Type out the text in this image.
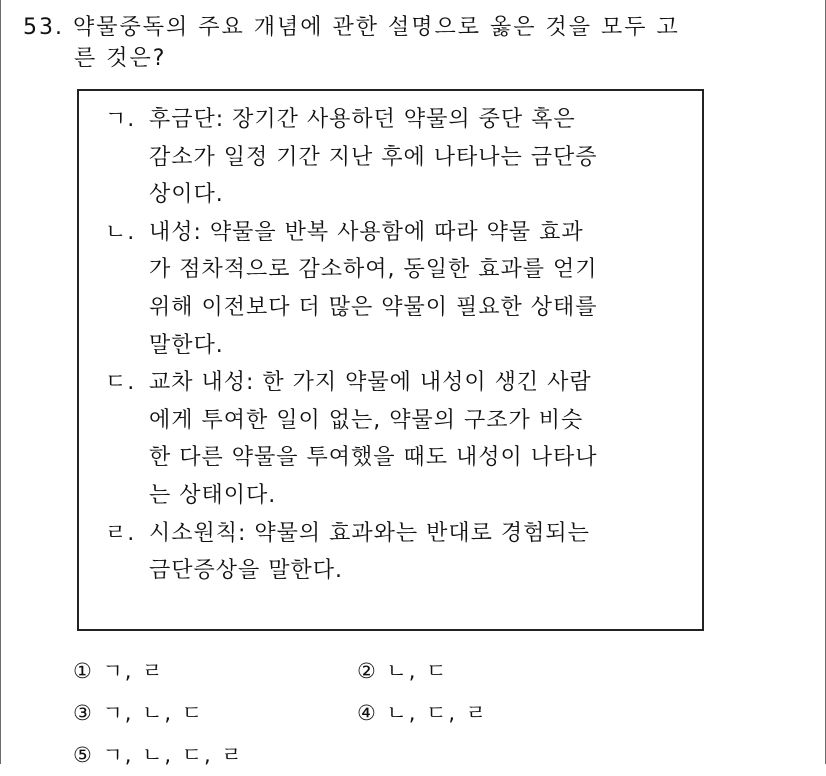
53. 약물중독의 주요 개념에 관한 설명으로 옳은 것을 모두 고
른 것은?
ㄱ. 후금단: 장기간 사용하던 약물의 중단 혹은
감소가 일정 기간 지난 후에 나타나는 금단증
상이다.
ㄴ. 내성: 약물을 반복 사용함에 따라 약물 효과
가 점차적으로 감소하여, 동일한 효과를 얻기
위해 이전보다 더 많은 약물이 필요한 상태를
말한다.
ㄷ. 교차 내성: 한 가지 약물에 내성이 생긴 사람
에게 투여한 일이 없는, 약물의 구조가 비슷
한 다른 약물을 투여했을 때도 내성이 나타나
는 상태이다.
ㄹ. 시소원칙: 약물의 효과와는 반대로 경험되는
금단증상을 말한다.
① ㄱ, ㄹ	② ㄴ, ㄷ
③ ㄱ, ㄴ, ㄷ	④ ㄴ, ㄷ, ㄹ
⑤ ㄱ, ㄴ, ㄷ, ㄹ
